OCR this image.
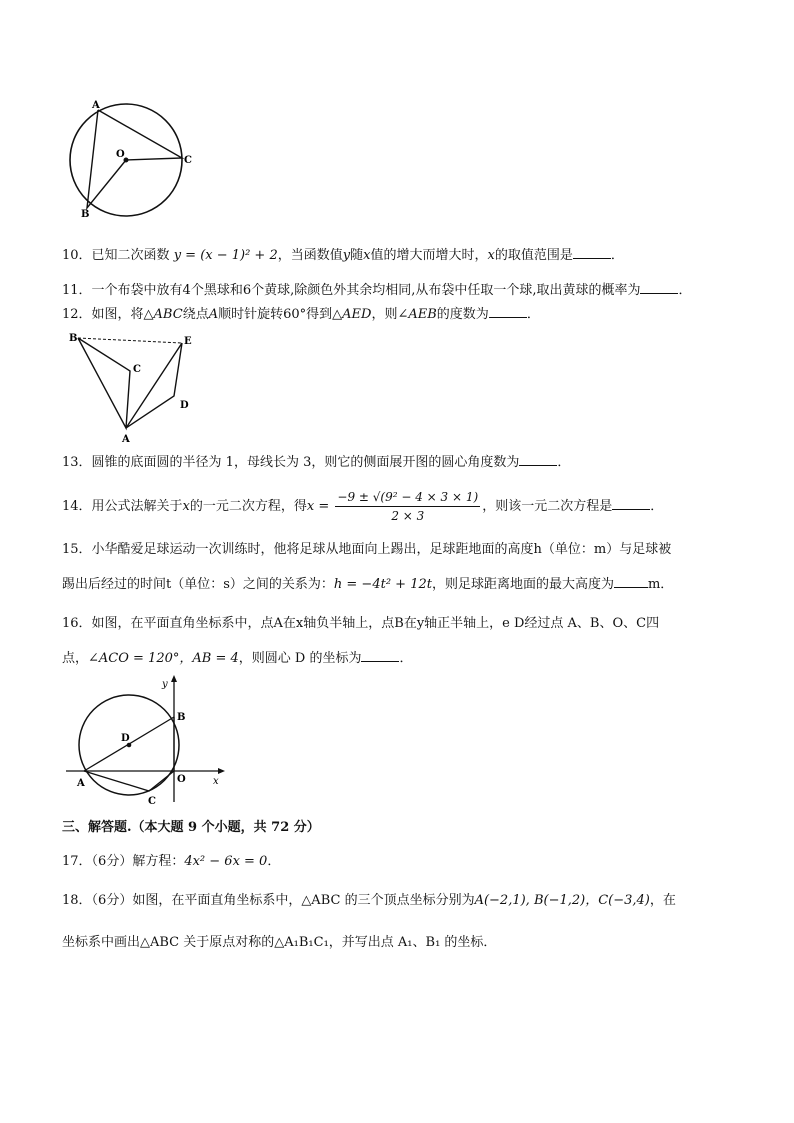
A
O
C
B
10．已知二次函数 y = (x − 1)² + 2，当函数值y随x值的增大而增大时，x的取值范围是	．
11．一个布袋中放有4个黑球和6个黄球,除颜色外其余均相同,从布袋中任取一个球,取出黄球的概率为	．
12．如图，将△ABC绕点A顺时针旋转60°得到△AED，则∠AEB的度数为	．
B	E
C
D
A
13．圆锥的底面圆的半径为 1，母线长为 3，则它的侧面展开图的圆心角度数为	．
14．用公式法解关于x的一元二次方程，得$x = \frac{\text{−9 ± √(9² − 4 × 3 × 1)}}{2 \times 3}$ ，则该一元二次方程是	．
15．小华酷爱足球运动一次训练时，他将足球从地面向上踢出，足球距地面的高度h（单位：m）与足球被
踢出后经过的时间t（单位：s）之间的关系为：h = −4t² + 12t，则足球距离地面的最大高度为	m．
16．如图，在平面直角坐标系中，点A在x轴负半轴上，点B在y轴正半轴上，e D经过点 A、B、O、C四
点，∠ACO = 120°，AB = 4，则圆心 D 的坐标为	．
y
B
D
A	O	x
C
三、解答题.（本大题 9 个小题，共 72 分）
17．（6分）解方程：4x² − 6x = 0．
18．（6分）如图，在平面直角坐标系中，△ABC 的三个顶点坐标分别为A(−2,1), B(−1,2)，C(−3,4)，在
坐标系中画出△ABC 关于原点对称的△A₁B₁C₁，并写出点 A₁、B₁ 的坐标．
